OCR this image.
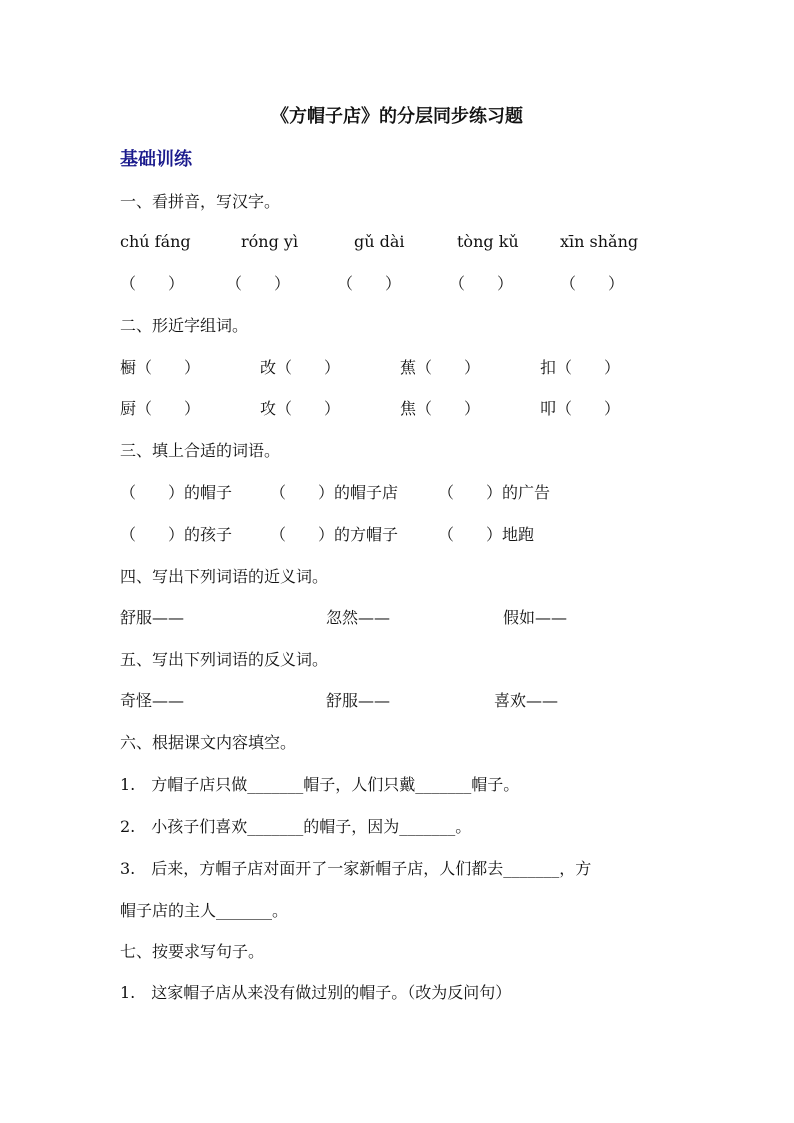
《方帽子店》的分层同步练习题
基础训练
一、看拼音，写汉字。
chú fáng	róng yì	gǔ dài	tòng kǔ	xīn shǎng
（　　）	（　　）	（　　）	（　　）	（　　）
二、形近字组词。
橱（　　）	改（　　）	蕉（　　）	扣（　　）
厨（　　）	攻（　　）	焦（　　）	叩（　　）
三、填上合适的词语。
（　　）的帽子 （　　）的帽子店 （　　）的广告
（　　）的孩子 （　　）的方帽子 （　　）地跑
四、写出下列词语的近义词。
舒服——	忽然——	假如——
五、写出下列词语的反义词。
奇怪——	舒服——	喜欢——
六、根据课文内容填空。
1.　方帽子店只做_______帽子，人们只戴_______帽子。
2.　小孩子们喜欢_______的帽子，因为_______。
3.　后来，方帽子店对面开了一家新帽子店，人们都去_______，方
帽子店的主人_______。
七、按要求写句子。
1.　这家帽子店从来没有做过别的帽子。（改为反问句）
